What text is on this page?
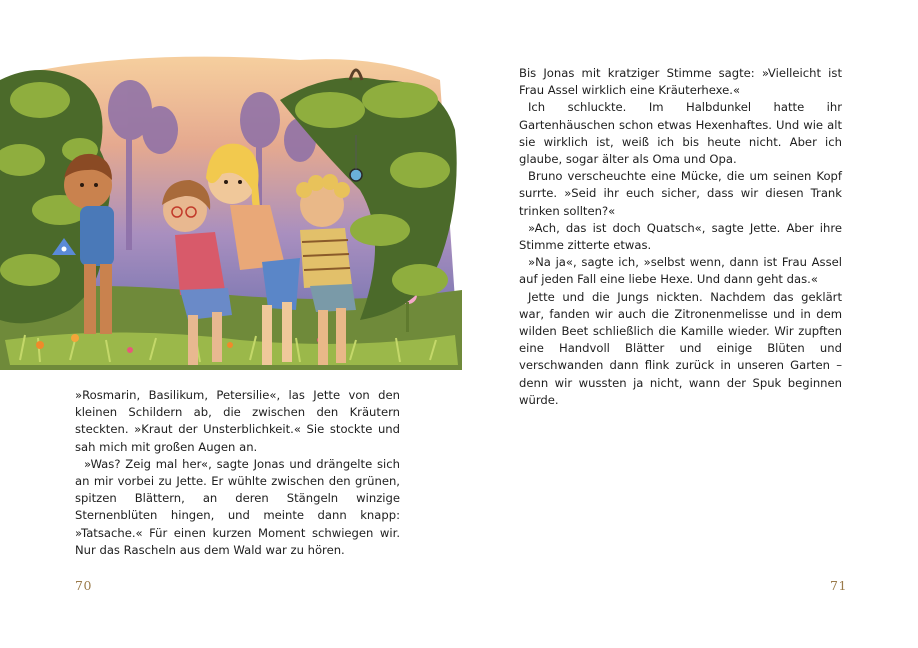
»Rosmarin, Basilikum, Petersilie«, las Jette von den kleinen Schildern ab, die zwischen den Kräutern steckten. »Kraut der Unsterblichkeit.« Sie stockte und sah mich mit großen Augen an.

»Was? Zeig mal her«, sagte Jonas und drängelte sich an mir vorbei zu Jette. Er wühlte zwischen den grünen, spitzen Blättern, an deren Stängeln winzige Sternenblüten hingen, und meinte dann knapp: »Tatsache.« Für einen kurzen Moment schwiegen wir. Nur das Rascheln aus dem Wald war zu hören.

70

Bis Jonas mit kratziger Stimme sagte: »Vielleicht ist Frau Assel wirklich eine Kräuterhexe.«

Ich schluckte. Im Halbdunkel hatte ihr Gartenhäuschen schon etwas Hexenhaftes. Und wie alt sie wirklich ist, weiß ich bis heute nicht. Aber ich glaube, sogar älter als Oma und Opa.

Bruno verscheuchte eine Mücke, die um seinen Kopf surrte. »Seid ihr euch sicher, dass wir diesen Trank trinken sollten?«

»Ach, das ist doch Quatsch«, sagte Jette. Aber ihre Stimme zitterte etwas.

»Na ja«, sagte ich, »selbst wenn, dann ist Frau Assel auf jeden Fall eine liebe Hexe. Und dann geht das.«

Jette und die Jungs nickten. Nachdem das geklärt war, fanden wir auch die Zitronenmelisse und in dem wilden Beet schließlich die Kamille wieder. Wir zupften eine Handvoll Blätter und einige Blüten und verschwanden dann flink zurück in unseren Garten – denn wir wussten ja nicht, wann der Spuk beginnen würde.

71
